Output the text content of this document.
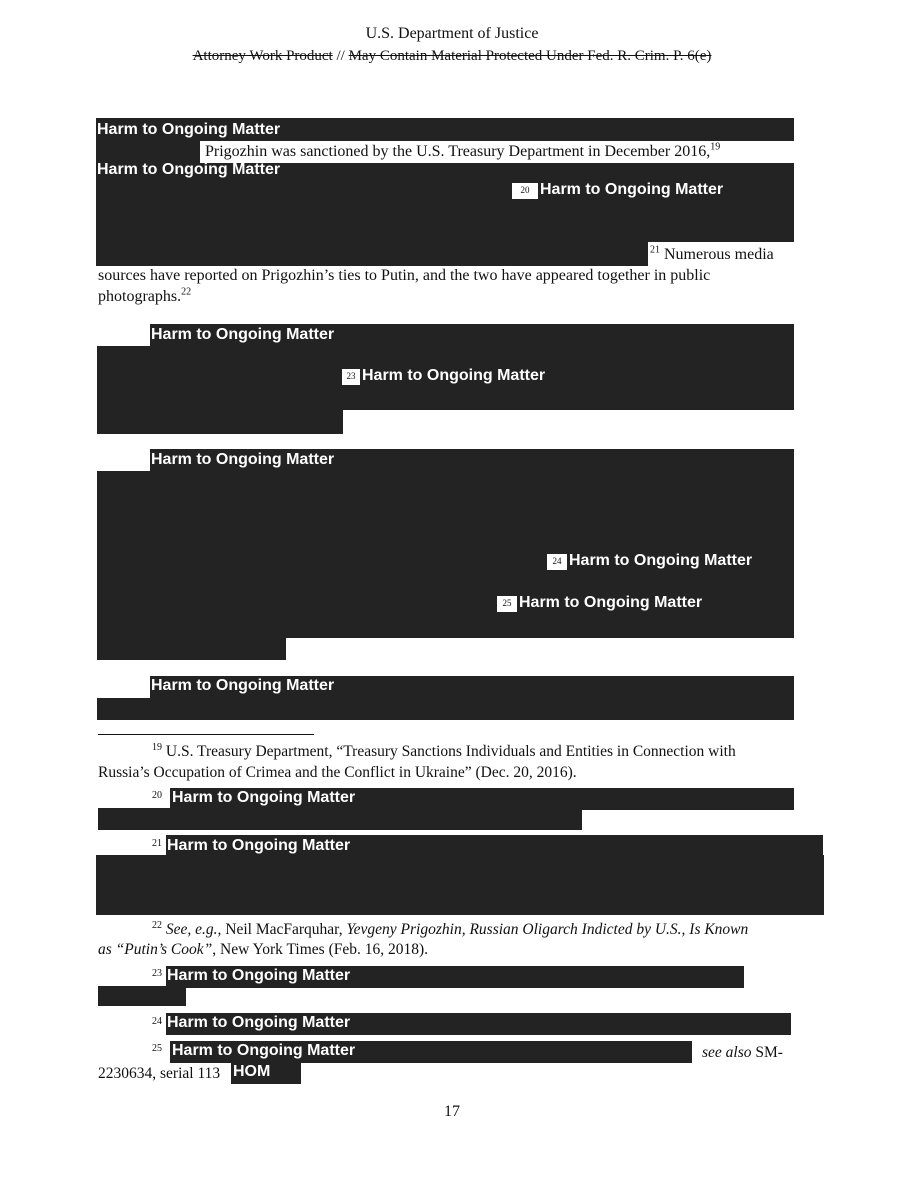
U.S. Department of Justice
Attorney Work Product // May Contain Material Protected Under Fed. R. Crim. P. 6(e)
Prigozhin was sanctioned by the U.S. Treasury Department in December 2016,19
Harm to Ongoing Matter
Harm to Ongoing Matter
20 Harm to Ongoing Matter
$^{21}$ Numerous media
sources have reported on Prigozhin’s ties to Putin, and the two have appeared together in public
photographs.$^{22}$
Harm to Ongoing Matter
23 Harm to Ongoing Matter
Harm to Ongoing Matter
24 Harm to Ongoing Matter
25 Harm to Ongoing Matter
Harm to Ongoing Matter
$^{19}$ U.S. Treasury Department, “Treasury Sanctions Individuals and Entities in Connection with
Russia’s Occupation of Crimea and the Conflict in Ukraine” (Dec. 20, 2016).
20 Harm to Ongoing Matter
21 Harm to Ongoing Matter
$^{22}$ See, e.g., Neil MacFarquhar, Yevgeny Prigozhin, Russian Oligarch Indicted by U.S., Is Known
as “Putin’s Cook”, New York Times (Feb. 16, 2018).
23 Harm to Ongoing Matter
24 Harm to Ongoing Matter
25 Harm to Ongoing Matter	see also SM-
2230634, serial 113 HOM
17
